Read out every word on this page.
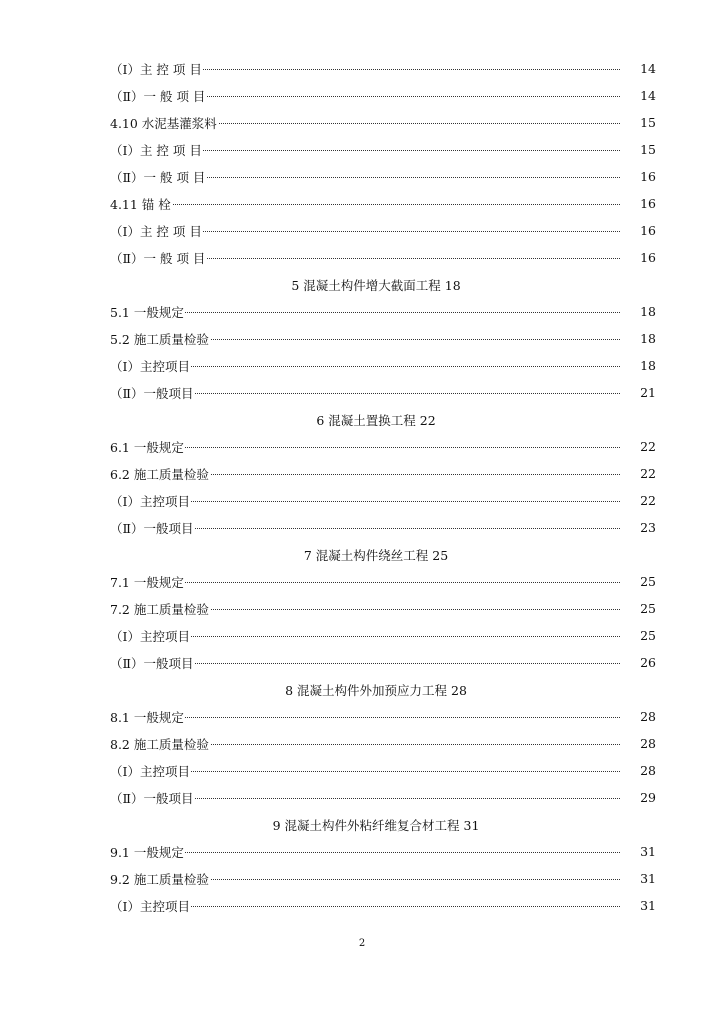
（Ⅰ）主 控 项 目	14
（Ⅱ）一 般 项 目	14
4.10 水泥基灌浆料	15
（Ⅰ）主 控 项 目	15
（Ⅱ）一 般 项 目	16
4.11 锚 栓	16
（Ⅰ）主 控 项 目	16
（Ⅱ）一 般 项 目	16
5 混凝土构件增大截面工程 18
5.1 一般规定	18
5.2 施工质量检验	18
（Ⅰ）主控项目	18
（Ⅱ）一般项目	21
6 混凝土置换工程 22
6.1 一般规定	22
6.2 施工质量检验	22
（Ⅰ）主控项目	22
（Ⅱ）一般项目	23
7 混凝土构件绕丝工程 25
7.1 一般规定	25
7.2 施工质量检验	25
（Ⅰ）主控项目	25
（Ⅱ）一般项目	26
8 混凝土构件外加预应力工程 28
8.1 一般规定	28
8.2 施工质量检验	28
（Ⅰ）主控项目	28
（Ⅱ）一般项目	29
9 混凝土构件外粘纤维复合材工程 31
9.1 一般规定	31
9.2 施工质量检验	31
（Ⅰ）主控项目	31
2
